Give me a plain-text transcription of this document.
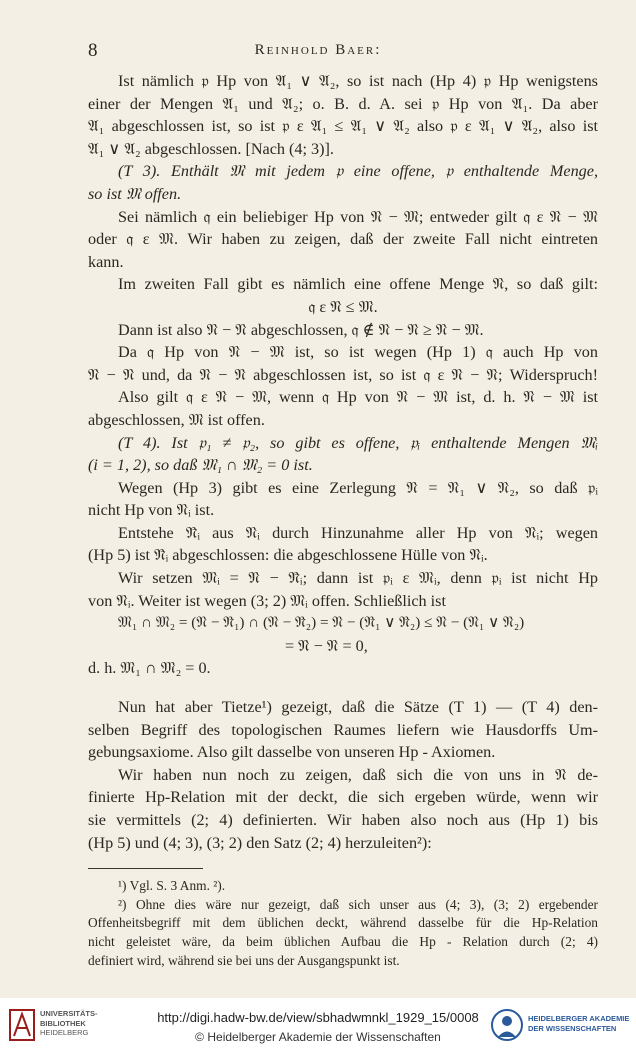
8	Reinhold Baer:
Ist nämlich 𝔭 Hp von 𝔄₁ ∨ 𝔄₂, so ist nach (Hp 4) 𝔭 Hp wenigstens
einer der Mengen 𝔄₁ und 𝔄₂; o. B. d. A. sei 𝔭 Hp von 𝔄₁. Da aber
𝔄₁ abgeschlossen ist, so ist 𝔭 ε 𝔄₁ ≤ 𝔄₁ ∨ 𝔄₂ also 𝔭 ε 𝔄₁ ∨ 𝔄₂, also ist
𝔄₁ ∨ 𝔄₂ abgeschlossen. [Nach (4; 3)].
(T 3). Enthält 𝔐 mit jedem 𝔭 eine offene, 𝔭 enthaltende Menge,
so ist 𝔐 offen.
Sei nämlich 𝔮 ein beliebiger Hp von 𝔑 − 𝔐; entweder gilt 𝔮 ε 𝔑 − 𝔐
oder 𝔮 ε 𝔐. Wir haben zu zeigen, daß der zweite Fall nicht eintreten
kann.
Im zweiten Fall gibt es nämlich eine offene Menge 𝔑, so daß gilt:
𝔮 ε 𝔑 ≤ 𝔐.
Dann ist also 𝔑 − 𝔑 abgeschlossen, 𝔮 ∉ 𝔑 − 𝔑 ≥ 𝔑 − 𝔐.
Da 𝔮 Hp von 𝔑 − 𝔐 ist, so ist wegen (Hp 1) 𝔮 auch Hp von
𝔑 − 𝔑 und, da 𝔑 − 𝔑 abgeschlossen ist, so ist 𝔮 ε 𝔑 − 𝔑; Widerspruch!
Also gilt 𝔮 ε 𝔑 − 𝔐, wenn 𝔮 Hp von 𝔑 − 𝔐 ist, d. h. 𝔑 − 𝔐 ist
abgeschlossen, 𝔐 ist offen.
(T 4). Ist 𝔭₁ ≠ 𝔭₂, so gibt es offene, 𝔭ᵢ enthaltende Mengen 𝔐ᵢ
(i = 1, 2), so daß 𝔐₁ ∩ 𝔐₂ = 0 ist.
Wegen (Hp 3) gibt es eine Zerlegung 𝔑 = 𝔑₁ ∨ 𝔑₂, so daß 𝔭ᵢ
nicht Hp von 𝔑ᵢ ist.
Entstehe 𝔑̄ᵢ aus 𝔑ᵢ durch Hinzunahme aller Hp von 𝔑ᵢ; wegen
(Hp 5) ist 𝔑̄ᵢ abgeschlossen: die abgeschlossene Hülle von 𝔑ᵢ.
Wir setzen 𝔐ᵢ = 𝔑 − 𝔑̄ᵢ; dann ist 𝔭ᵢ ε 𝔐ᵢ, denn 𝔭ᵢ ist nicht Hp
von 𝔑ᵢ. Weiter ist wegen (3; 2) 𝔐ᵢ offen. Schließlich ist
𝔐₁ ∩ 𝔐₂ = (𝔑 − 𝔑̄₁) ∩ (𝔑 − 𝔑̄₂) = 𝔑 − (𝔑̄₁ ∨ 𝔑̄₂) ≤ 𝔑 − (𝔑₁ ∨ 𝔑₂)
= 𝔑 − 𝔑 = 0,
d. h. 𝔐₁ ∩ 𝔐₂ = 0.
Nun hat aber Tietze¹) gezeigt, daß die Sätze (T 1) — (T 4) den-
selben Begriff des topologischen Raumes liefern wie Hausdorffs Um-
gebungsaxiome. Also gilt dasselbe von unseren Hp - Axiomen.
Wir haben nun noch zu zeigen, daß sich die von uns in 𝔑 de-
finierte Hp-Relation mit der deckt, die sich ergeben würde, wenn wir
sie vermittels (2; 4) definierten. Wir haben also noch aus (Hp 1) bis
(Hp 5) und (4; 3), (3; 2) den Satz (2; 4) herzuleiten²):
¹) Vgl. S. 3 Anm. ²).
²) Ohne dies wäre nur gezeigt, daß sich unser aus (4; 3), (3; 2) ergebender
Offenheitsbegriff mit dem üblichen deckt, während dasselbe für die Hp-Relation
nicht geleistet wäre, da beim üblichen Aufbau die Hp - Relation durch (2; 4)
definiert wird, während sie bei uns der Ausgangspunkt ist.
UNIVERSITÄTS-BIBLIOTHEK
HEIDELBERG
http://digi.hadw-bw.de/view/sbhadwmnkl_1929_15/0008
© Heidelberger Akademie der Wissenschaften
HEIDELBERGER AKADEMIE
DER WISSENSCHAFTEN
